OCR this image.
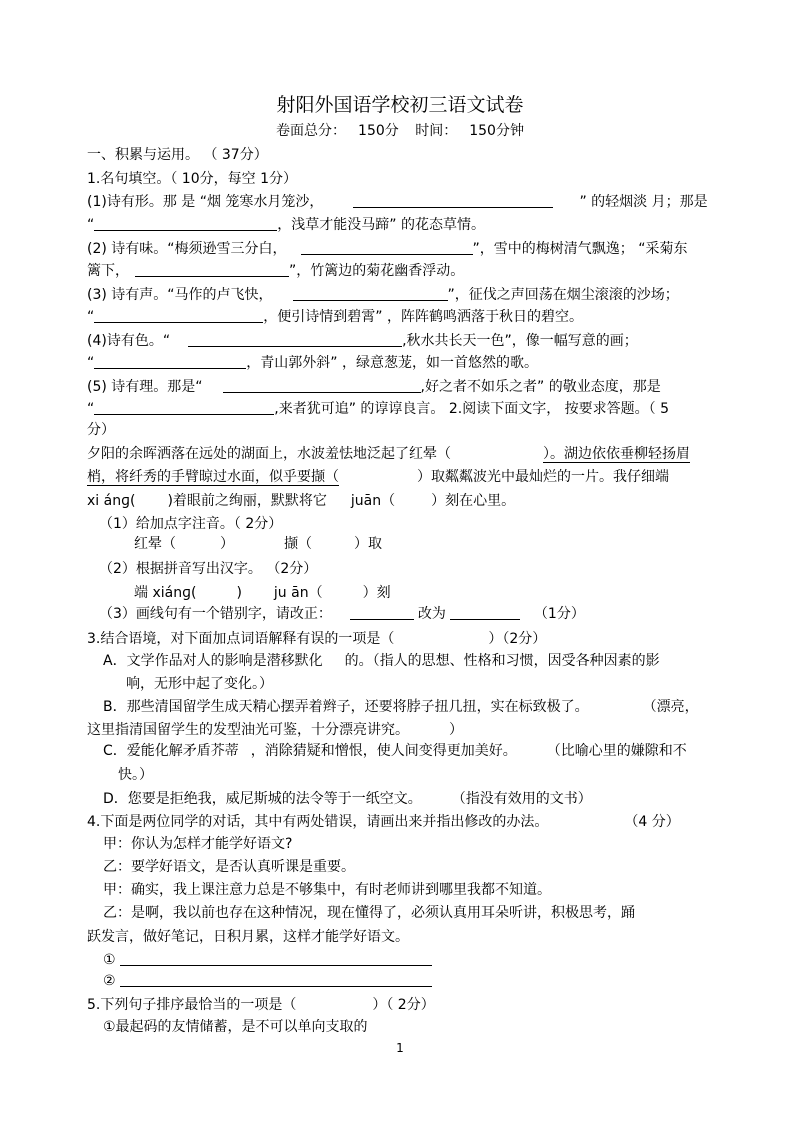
射阳外国语学校初三语文试卷
卷面总分： 150分 时间： 150分钟
一、积累与运用。 （ 37分）
1.名句填空。（ 10分，每空 1分）
(1)诗有形。那 是 “烟 笼寒水月笼沙，	” 的轻烟淡 月；那是
“	，浅草才能没马蹄” 的花态草情。
(2) 诗有味。“梅须逊雪三分白，	”，雪中的梅树清气飘逸； “采菊东
篱下，	”，竹篱边的菊花幽香浮动。
(3) 诗有声。“马作的卢飞快，	”，征伐之声回荡在烟尘滚滚的沙场；
“	，便引诗情到碧霄” ，阵阵鹤鸣洒落于秋日的碧空。
(4)诗有色。“	,秋水共长天一色”，像一幅写意的画；
“	，青山郭外斜” ，绿意葱茏，如一首悠然的歌。
(5) 诗有理。那是“	,好之者不如乐之者” 的敬业态度，那是
“	,来者犹可追” 的谆谆良言。 2.阅读下面文字， 按要求答题。（ 5
分）
夕阳的余晖洒落在远处的湖面上，水波羞怯地泛起了红晕（	）。湖边依依垂柳轻扬眉
梢，将纤秀的手臂晾过水面，似乎要撷（	）取粼粼波光中最灿烂的一片。我仔细端
xi ánɡ( )着眼前之绚丽，默默将它 juān（	）刻在心里。
（1）给加点字注音。（ 2分）
红晕（	）	撷（	）取
（2）根据拼音写出汉字。 （2分）
端 xiánɡ(	) ju ān（	）刻
（3）画线句有一个错别字，请改正：	改为	（1分）
3.结合语境，对下面加点词语解释有误的一项是（	）（2分）
A．文学作品对人的影响是潜移默化 的。（指人的思想、性格和习惯，因受各种因素的影
响，无形中起了变化。）
B．那些清国留学生成天精心摆弄着辫子，还要将脖子扭几扭，实在标致极了。	（漂亮，
这里指清国留学生的发型油光可鉴，十分漂亮讲究。	）
C．爱能化解矛盾芥蒂 ，消除猜疑和憎恨，使人间变得更加美好。 （比喻心里的嫌隙和不
快。）
D．您要是拒绝我，威尼斯城的法令等于一纸空文。 （指没有效用的文书）
4.下面是两位同学的对话，其中有两处错误，请画出来并指出修改的办法。	（4 分）
甲：你认为怎样才能学好语文?
乙：要学好语文，是否认真听课是重要。
甲：确实，我上课注意力总是不够集中，有时老师讲到哪里我都不知道。
乙：是啊，我以前也存在这种情况，现在懂得了，必须认真用耳朵听讲，积极思考，踊
跃发言，做好笔记，日积月累，这样才能学好语文。
①
②
5.下列句子排序最恰当的一项是（	）（ 2分）
①最起码的友情储蓄，是不可以单向支取的
1
